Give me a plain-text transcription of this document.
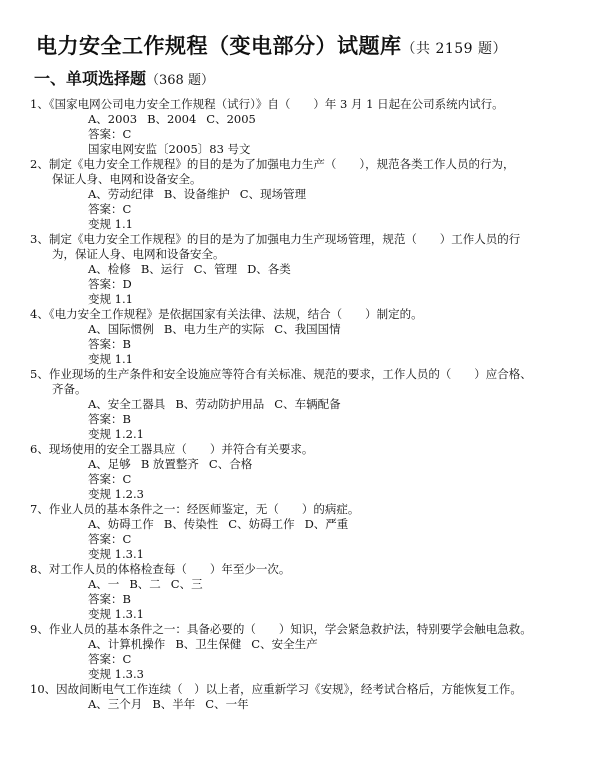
电力安全工作规程（变电部分）试题库（共 2159 题）
一、单项选择题（368 题）
1、《国家电网公司电力安全工作规程（试行）》自（　　）年 3 月 1 日起在公司系统内试行。
A、2003 B、2004 C、2005
答案：C
国家电网安监〔2005〕83 号文
2、制定《电力安全工作规程》的目的是为了加强电力生产（　　），规范各类工作人员的行为，
保证人身、电网和设备安全。
A、劳动纪律 B、设备维护 C、现场管理
答案：C
变规 1.1
3、制定《电力安全工作规程》的目的是为了加强电力生产现场管理，规范（　　）工作人员的行
为，保证人身、电网和设备安全。
A、检修 B、运行 C、管理 D、各类
答案：D
变规 1.1
4、《电力安全工作规程》是依据国家有关法律、法规，结合（　　）制定的。
A、国际惯例 B、电力生产的实际 C、我国国情
答案：B
变规 1.1
5、作业现场的生产条件和安全设施应等符合有关标准、规范的要求，工作人员的（　　）应合格、
齐备。
A、安全工器具 B、劳动防护用品 C、车辆配备
答案：B
变规 1.2.1
6、现场使用的安全工器具应（　　）并符合有关要求。
A、足够 B 放置整齐 C、合格
答案：C
变规 1.2.3
7、作业人员的基本条件之一：经医师鉴定，无（　　）的病症。
A、妨碍工作 B、传染性 C、妨碍工作 D、严重
答案：C
变规 1.3.1
8、对工作人员的体格检查每（　　）年至少一次。
A、一 B、二 C、三
答案：B
变规 1.3.1
9、作业人员的基本条件之一：具备必要的（　　）知识，学会紧急救护法，特别要学会触电急救。
A、计算机操作 B、卫生保健 C、安全生产
答案：C
变规 1.3.3
10、因故间断电气工作连续（　）以上者，应重新学习《安规》，经考试合格后，方能恢复工作。
A、三个月 B、半年 C、一年
